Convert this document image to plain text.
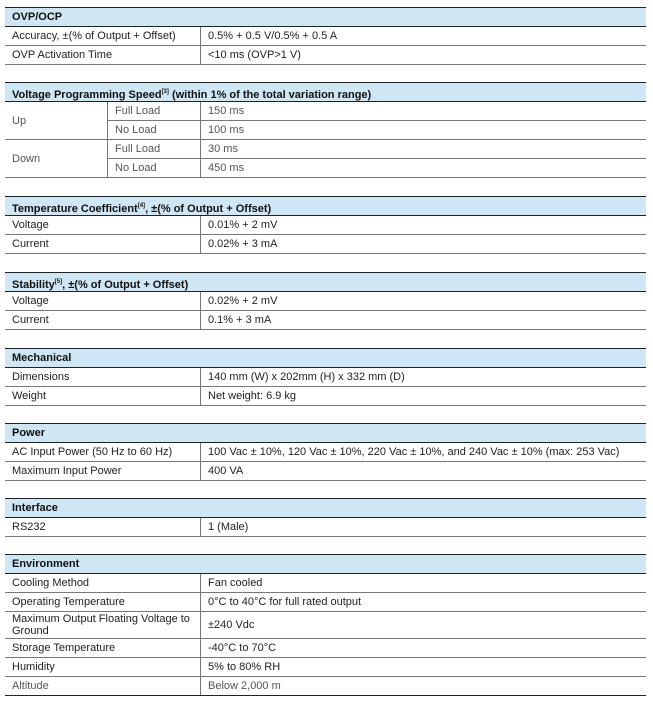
OVP/OCP
Accuracy, ±(% of Output + Offset)	0.5% + 0.5 V/0.5% + 0.5 A
OVP Activation Time	<10 ms (OVP>1 V)
Voltage Programming Speed[3] (within 1% of the total variation range)
Up
Full Load	150 ms
No Load	100 ms
Down
Full Load	30 ms
No Load	450 ms
Temperature Coefficient[4], ±(% of Output + Offset)
Voltage	0.01% + 2 mV
Current	0.02% + 3 mA
Stability[5], ±(% of Output + Offset)
Voltage	0.02% + 2 mV
Current	0.1% + 3 mA
Mechanical
Dimensions	140 mm (W) x 202mm (H) x 332 mm (D)
Weight	Net weight: 6.9 kg
Power
AC Input Power (50 Hz to 60 Hz)	100 Vac ± 10%, 120 Vac ± 10%, 220 Vac ± 10%, and 240 Vac ± 10% (max: 253 Vac)
Maximum Input Power	400 VA
Interface
RS232	1 (Male)
Environment
Cooling Method	Fan cooled
Operating Temperature	0°C to 40°C for full rated output
Maximum Output Floating Voltage to Ground	±240 Vdc
Storage Temperature	-40°C to 70°C
Humidity	5% to 80% RH
Altitude	Below 2,000 m
